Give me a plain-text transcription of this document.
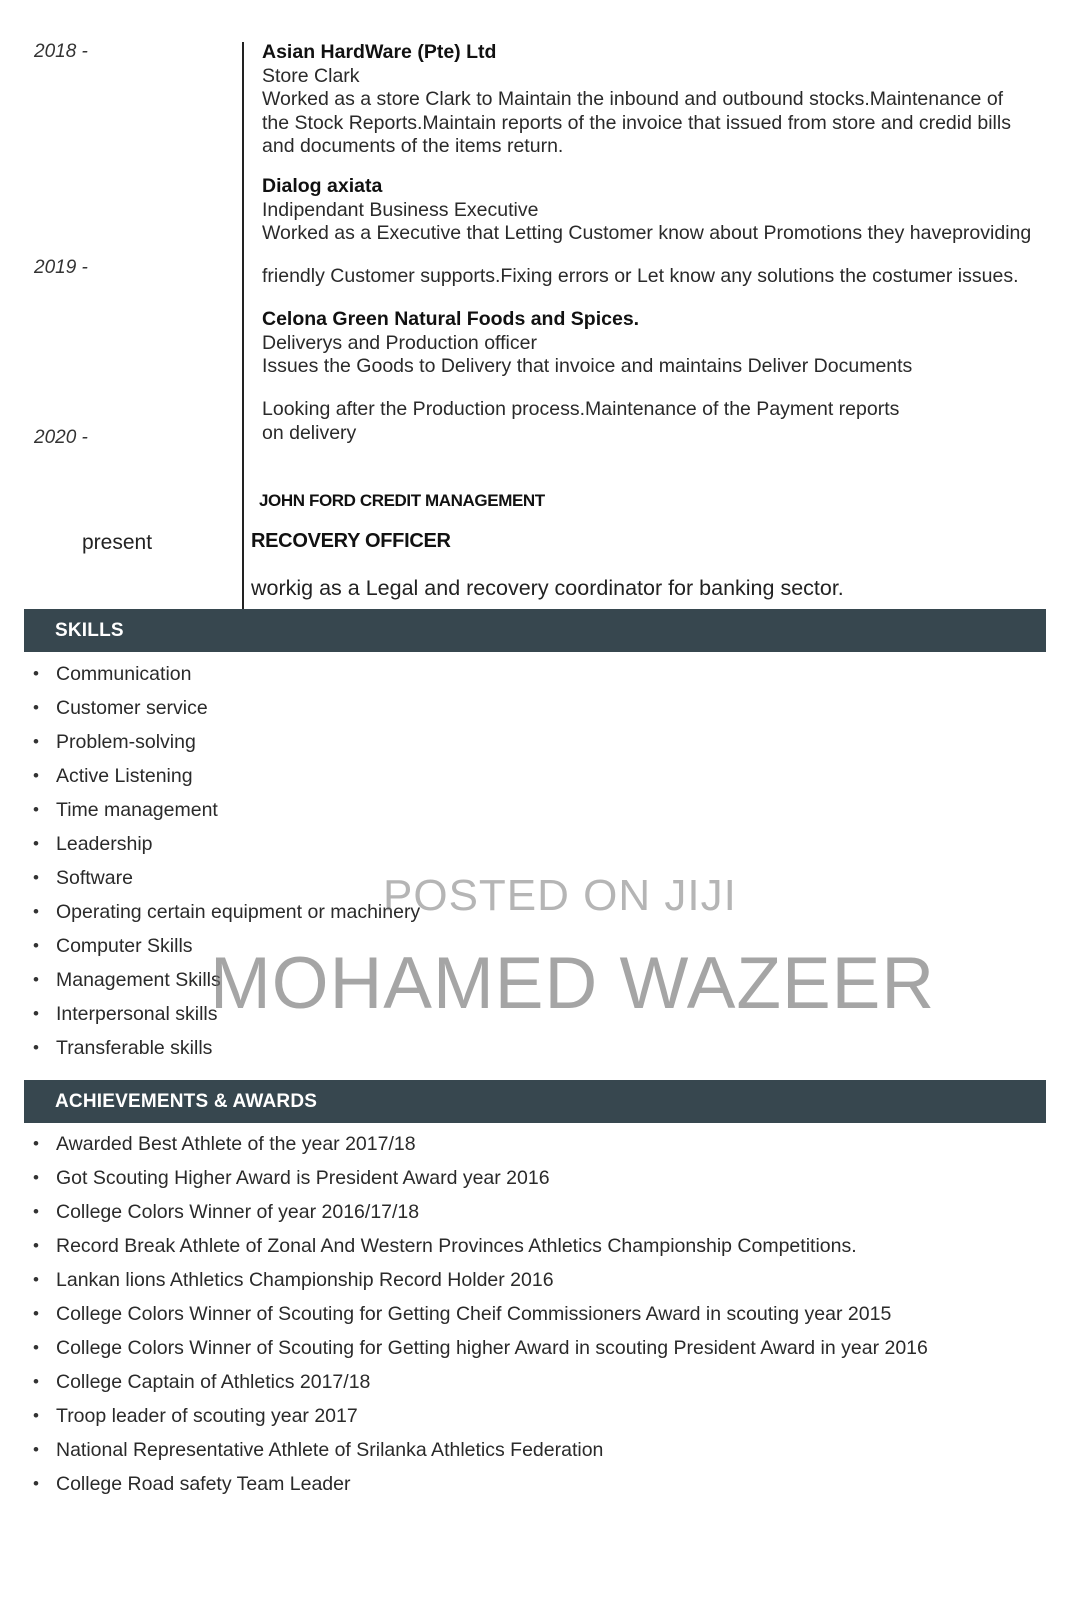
2018 -
2019 -
2020 -
present

Asian HardWare (Pte) Ltd

Store Clark

Worked as a store Clark to Maintain the inbound and outbound stocks.Maintenance of

the Stock Reports.Maintain reports of the invoice that issued from store and credid bills

and documents of the items return.

Dialog axiata

Indipendant Business Executive

Worked as a Executive that Letting Customer know about Promotions they haveproviding

friendly Customer supports.Fixing errors or Let know any solutions the costumer issues.

Celona Green Natural Foods and Spices.

Deliverys and Production officer

Issues the Goods to Delivery that invoice and maintains Deliver Documents

Looking after the Production process.Maintenance of the Payment reports

on delivery

JOHN FORD CREDIT MANAGEMENT
RECOVERY OFFICER
workig as a Legal and recovery coordinator for banking sector.
SKILLS
• Communication
• Customer service
• Problem-solving
• Active Listening
• Time management
• Leadership
• Software
• Operating certain equipment or machinery
• Computer Skills
• Management Skills
• Interpersonal skills
• Transferable skills
ACHIEVEMENTS & AWARDS
• Awarded Best Athlete of the year 2017/18
• Got Scouting Higher Award is President Award year 2016
• College Colors Winner of year 2016/17/18
• Record Break Athlete of Zonal And Western Provinces Athletics Championship Competitions.
• Lankan lions Athletics Championship Record Holder 2016
• College Colors Winner of Scouting for Getting Cheif Commissioners Award in scouting year 2015
• College Colors Winner of Scouting for Getting higher Award in scouting President Award in year 2016
• College Captain of Athletics 2017/18
• Troop leader of scouting year 2017
• National Representative Athlete of Srilanka Athletics Federation
• College Road safety Team Leader
POSTED ON JIJI
MOHAMED WAZEER
